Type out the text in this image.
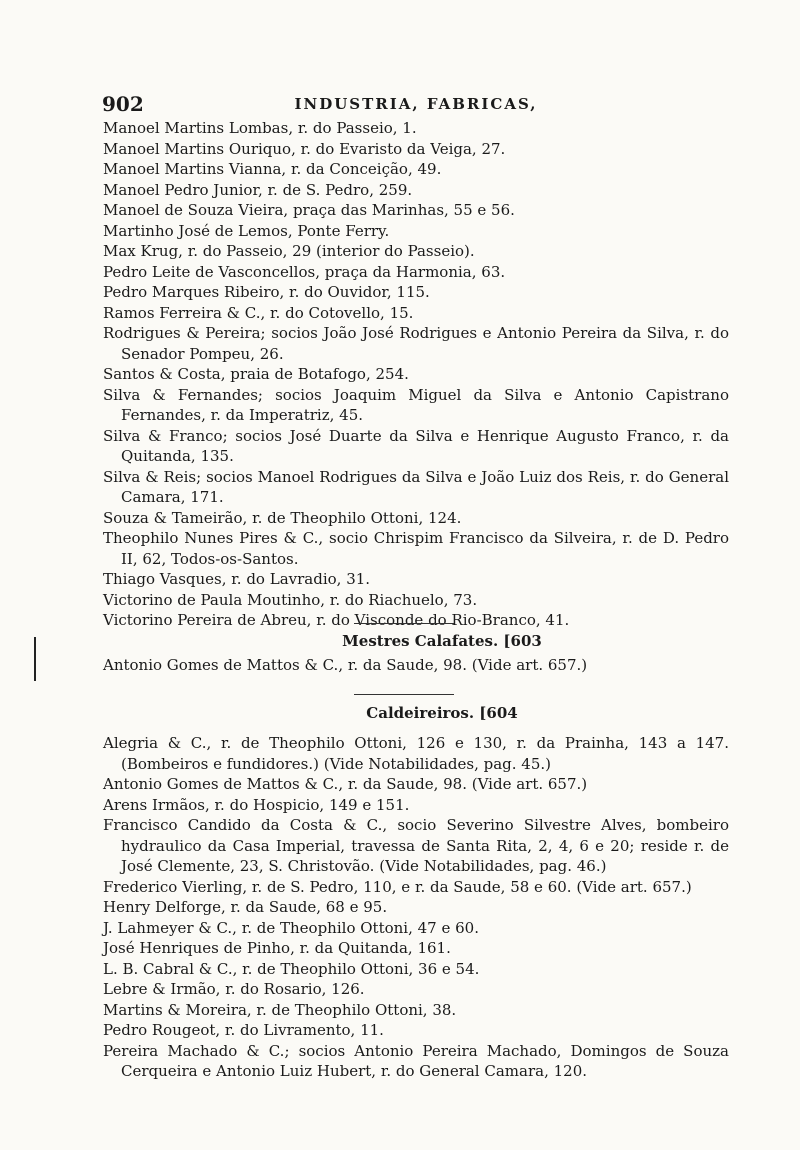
902	INDUSTRIA, FABRICAS,
Manoel Martins Lombas, r. do Passeio, 1.
Manoel Martins Ouriquo, r. do Evaristo da Veiga, 27.
Manoel Martins Vianna, r. da Conceição, 49.
Manoel Pedro Junior, r. de S. Pedro, 259.
Manoel de Souza Vieira, praça das Marinhas, 55 e 56.
Martinho José de Lemos, Ponte Ferry.
Max Krug, r. do Passeio, 29 (interior do Passeio).
Pedro Leite de Vasconcellos, praça da Harmonia, 63.
Pedro Marques Ribeiro, r. do Ouvidor, 115.
Ramos Ferreira & C., r. do Cotovello, 15.
Rodrigues & Pereira; socios João José Rodrigues e Antonio Pereira da Silva, r. do Senador Pompeu, 26.
Santos & Costa, praia de Botafogo, 254.
Silva & Fernandes; socios Joaquim Miguel da Silva e Antonio Capistrano Fernandes, r. da Imperatriz, 45.
Silva & Franco; socios José Duarte da Silva e Henrique Augusto Franco, r. da Quitanda, 135.
Silva & Reis; socios Manoel Rodrigues da Silva e João Luiz dos Reis, r. do General Camara, 171.
Souza & Tameirão, r. de Theophilo Ottoni, 124.
Theophilo Nunes Pires & C., socio Chrispim Francisco da Silveira, r. de D. Pedro II, 62, Todos-os-Santos.
Thiago Vasques, r. do Lavradio, 31.
Victorino de Paula Moutinho, r. do Riachuelo, 73.
Victorino Pereira de Abreu, r. do Visconde do Rio-Branco, 41.
Mestres Calafates. [603
Antonio Gomes de Mattos & C., r. da Saude, 98. (Vide art. 657.)
Caldeireiros. [604
Alegria & C., r. de Theophilo Ottoni, 126 e 130, r. da Prainha, 143 a 147. (Bombeiros e fundidores.) (Vide Notabilidades, pag. 45.)
Antonio Gomes de Mattos & C., r. da Saude, 98. (Vide art. 657.)
Arens Irmãos, r. do Hospicio, 149 e 151.
Francisco Candido da Costa & C., socio Severino Silvestre Alves, bombeiro hydraulico da Casa Imperial, travessa de Santa Rita, 2, 4, 6 e 20; reside r. de José Clemente, 23, S. Christovão. (Vide Notabilidades, pag. 46.)
Frederico Vierling, r. de S. Pedro, 110, e r. da Saude, 58 e 60. (Vide art. 657.)
Henry Delforge, r. da Saude, 68 e 95.
J. Lahmeyer & C., r. de Theophilo Ottoni, 47 e 60.
José Henriques de Pinho, r. da Quitanda, 161.
L. B. Cabral & C., r. de Theophilo Ottoni, 36 e 54.
Lebre & Irmão, r. do Rosario, 126.
Martins & Moreira, r. de Theophilo Ottoni, 38.
Pedro Rougeot, r. do Livramento, 11.
Pereira Machado & C.; socios Antonio Pereira Machado, Domingos de Souza Cerqueira e Antonio Luiz Hubert, r. do General Camara, 120.
